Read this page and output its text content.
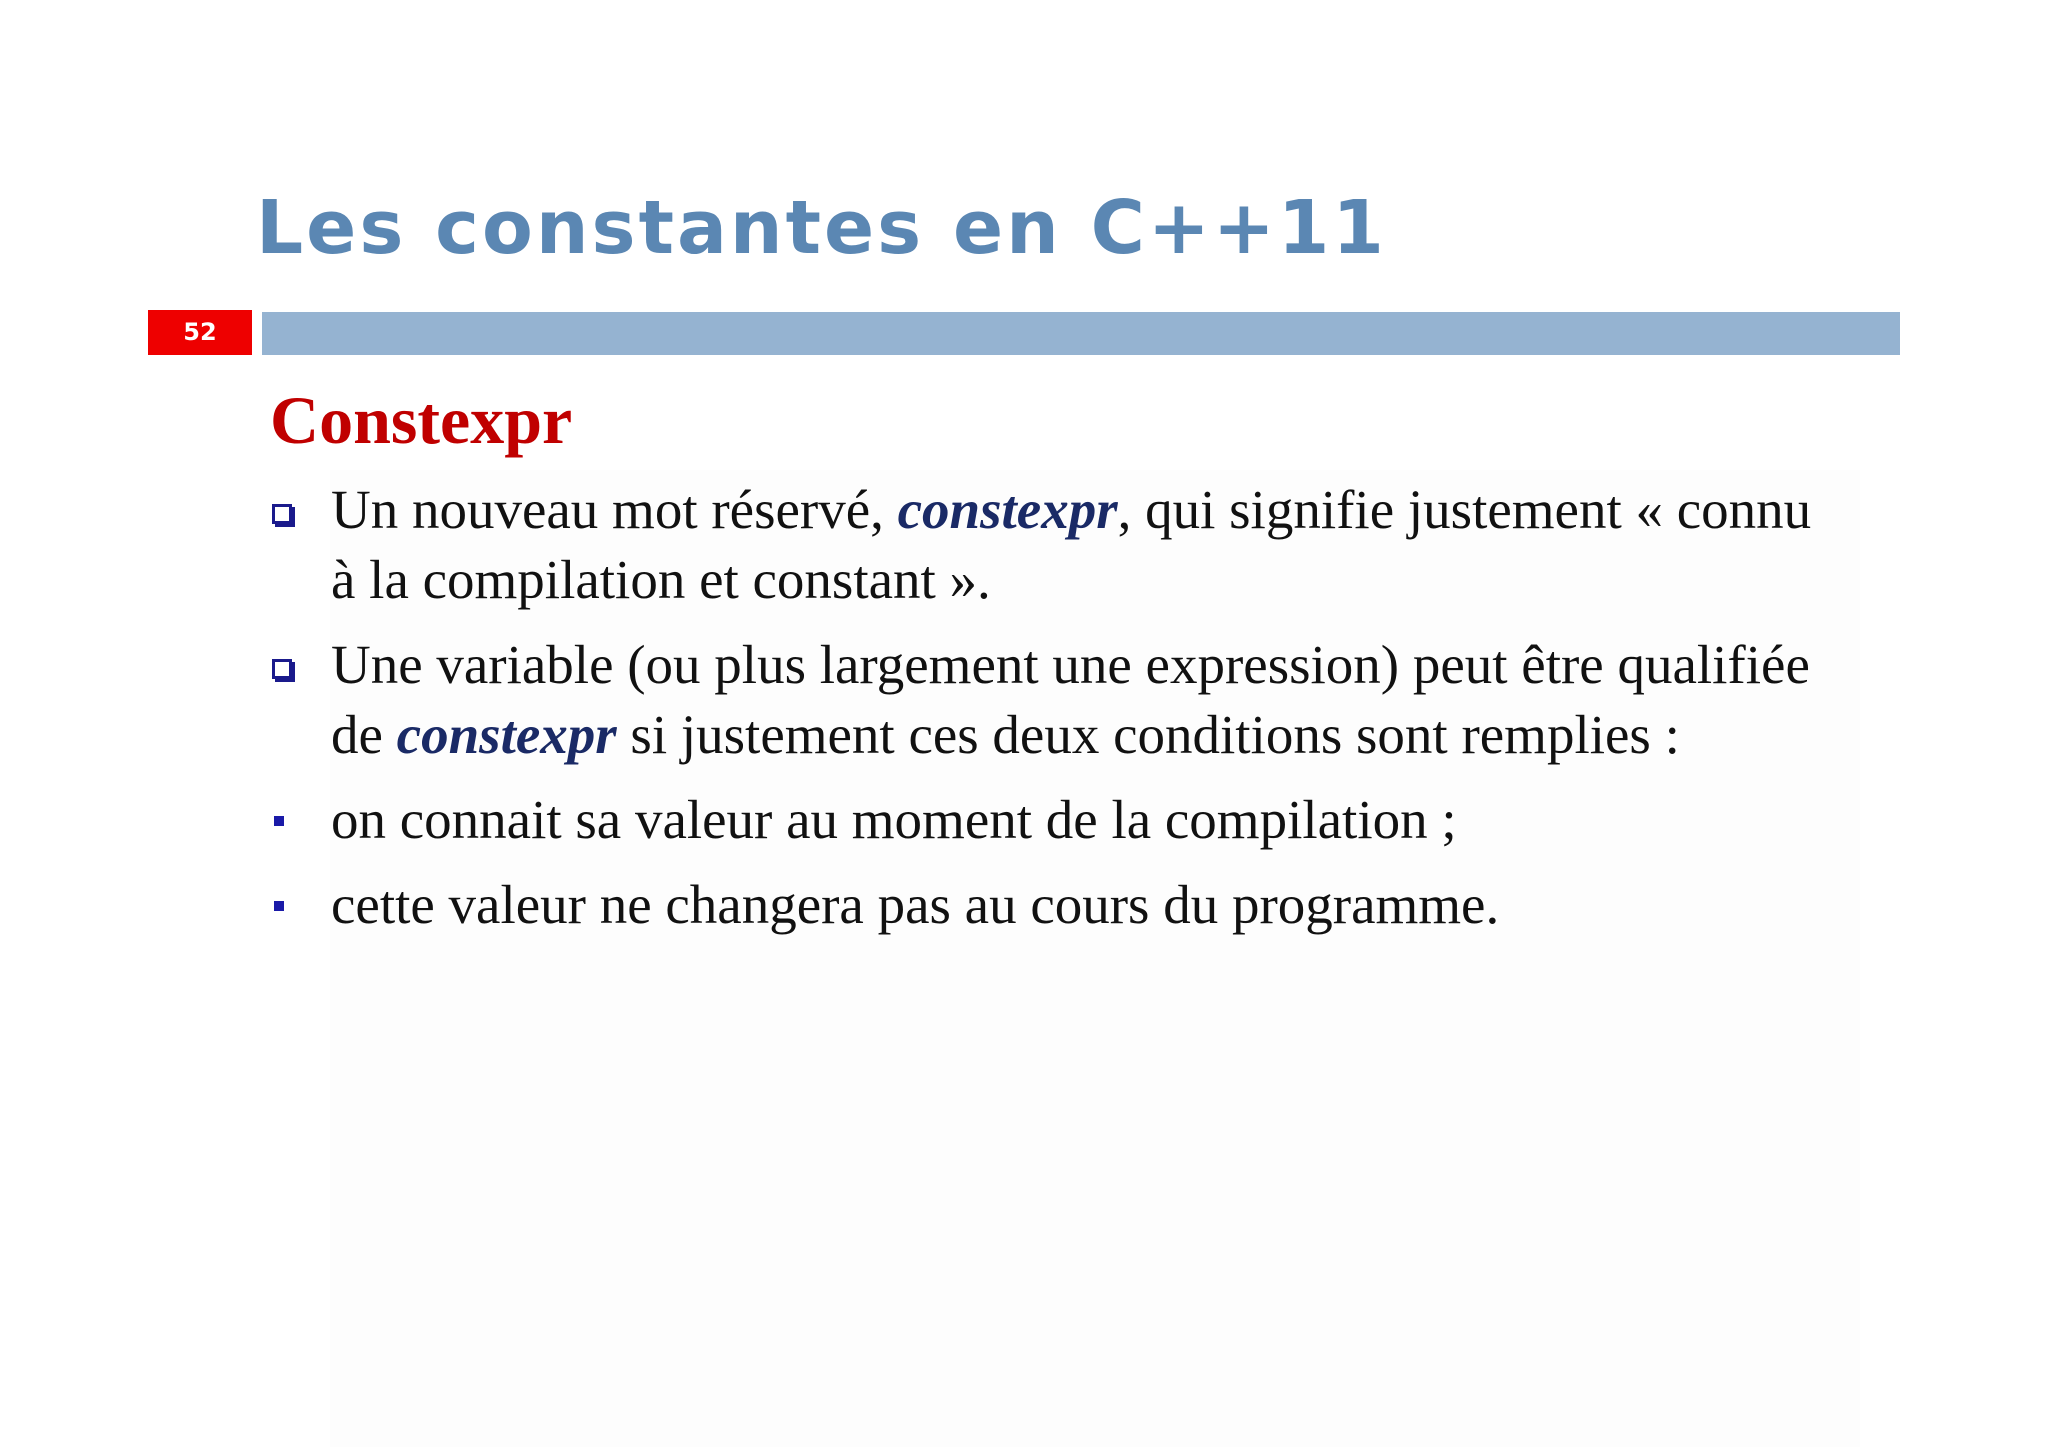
Les constantes en C++11
52
Constexpr
Un nouveau mot réservé, constexpr, qui signifie justement « connu à la compilation et constant ».
Une variable (ou plus largement une expression) peut être qualifiée de constexpr si justement ces deux conditions sont remplies :
on connait sa valeur au moment de la compilation ;
cette valeur ne changera pas au cours du programme.
